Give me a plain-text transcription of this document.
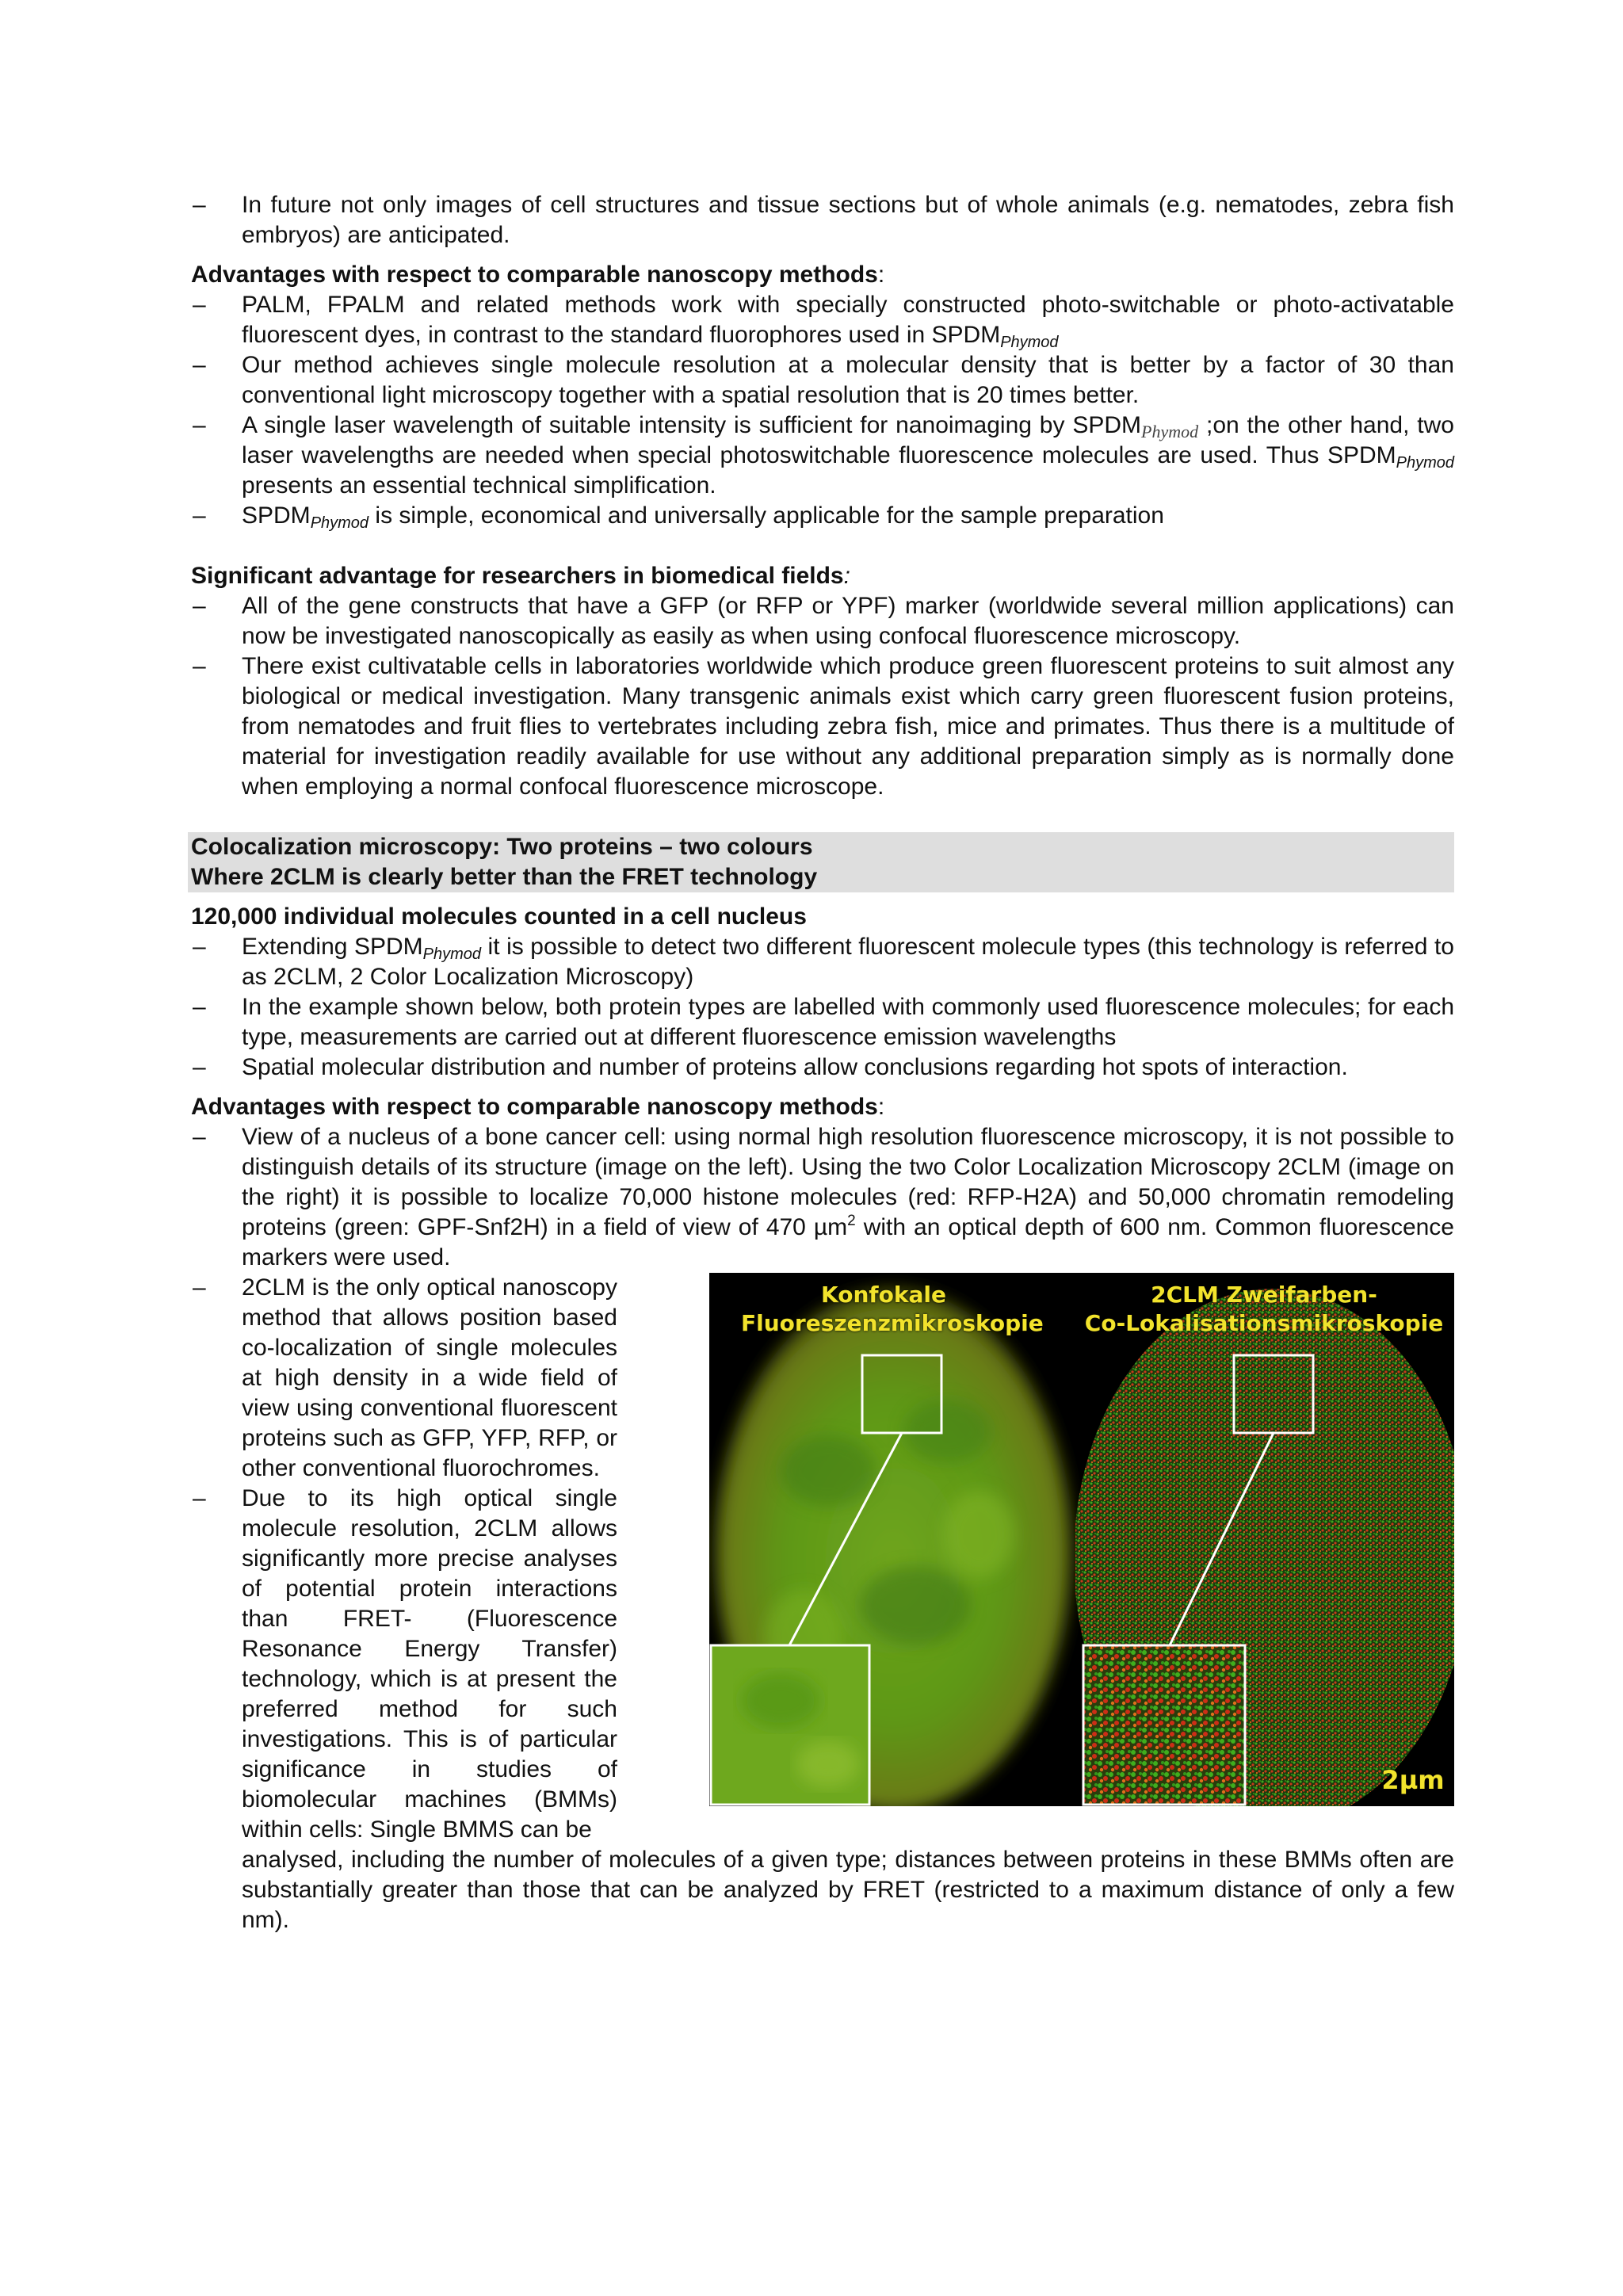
– In future not only images of cell structures and tissue sections but of whole animals (e.g. nematodes, zebra fish embryos) are anticipated.

Advantages with respect to comparable nanoscopy methods:

– PALM, FPALM and related methods work with specially constructed photo-switchable or photo-activatable fluorescent dyes, in contrast to the standard fluorophores used in $SPDM_{Phymod}$
– Our method achieves single molecule resolution at a molecular density that is better by a factor of 30 than conventional light microscopy together with a spatial resolution that is 20 times better.
– A single laser wavelength of suitable intensity is sufficient for nanoimaging by $SPDM_{Phymod}$ ;on the other hand, two laser wavelengths are needed when special photoswitchable fluorescence molecules are used. Thus $SPDM_{Phymod}$ presents an essential technical simplification.
– $SPDM_{Phymod}$ is simple, economical and universally applicable for the sample preparation

Significant advantage for researchers in biomedical fields:

– All of the gene constructs that have a GFP (or RFP or YPF) marker (worldwide several million applications) can now be investigated nanoscopically as easily as when using confocal fluorescence microscopy.
– There exist cultivatable cells in laboratories worldwide which produce green fluorescent proteins to suit almost any biological or medical investigation. Many transgenic animals exist which carry green fluorescent fusion proteins, from nematodes and fruit flies to vertebrates including zebra fish, mice and primates. Thus there is a multitude of material for investigation readily available for use without any additional preparation simply as is normally done when employing a normal confocal fluorescence microscope.
Colocalization microscopy: Two proteins – two colours
Where 2CLM is clearly better than the FRET technology

120,000 individual molecules counted in a cell nucleus

– Extending $SPDM_{Phymod}$ it is possible to detect two different fluorescent molecule types (this technology is referred to as 2CLM, 2 Color Localization Microscopy)
– In the example shown below, both protein types are labelled with commonly used fluorescence molecules; for each type, measurements are carried out at different fluorescence emission wavelengths
– Spatial molecular distribution and number of proteins allow conclusions regarding hot spots of interaction.

Advantages with respect to comparable nanoscopy methods:

– View of a nucleus of a bone cancer cell: using normal high resolution fluorescence microscopy, it is not possible to distinguish details of its structure (image on the left). Using the two Color Localization Microscopy 2CLM (image on the right) it is possible to localize 70,000 histone molecules (red: RFP-H2A) and 50,000 chromatin remodeling proteins (green: GPF-Snf2H) in a field of view of 470 µm$^2$ with an optical depth of 600 nm. Common fluorescence markers were used.
– 2CLM is the only optical nanoscopy method that allows position based co-localization of single molecules at high density in a wide field of view using conventional fluorescent proteins such as GFP, YFP, RFP, or other conventional fluorochromes.
– Due to its high optical single molecule resolution, 2CLM allows significantly more precise analyses of potential protein interactions than FRET- (Fluorescence Resonance Energy Transfer) technology, which is at present the preferred method for such investigations. This is of particular significance in studies of biomolecular machines (BMMs) within cells: Single BMMS can be
Konfokale
Fluoreszenzmikroskopie
2CLM Zweifarben-
Co-Lokalisationsmikroskopie
2µm
analysed, including the number of molecules of a given type; distances between proteins in these BMMs often are substantially greater than those that can be analyzed by FRET (restricted to a maximum distance of only a few nm).
